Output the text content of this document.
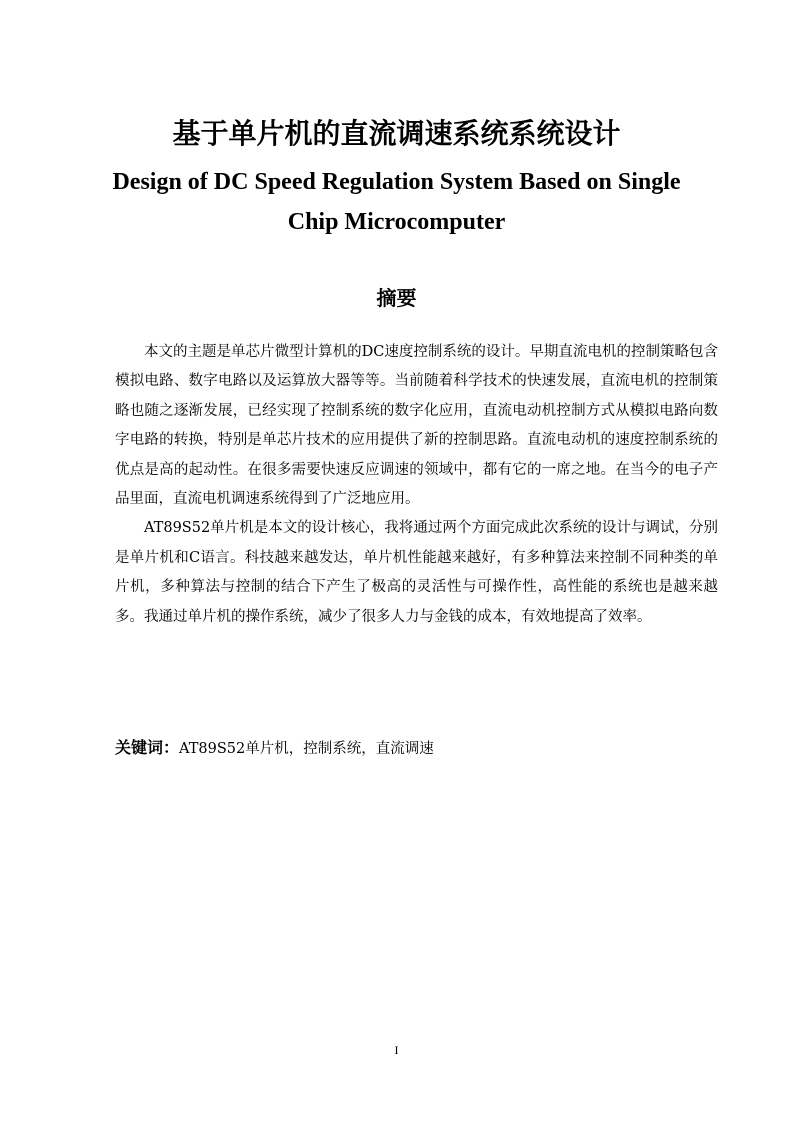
基于单片机的直流调速系统系统设计
Design of DC Speed Regulation System Based on Single Chip Microcomputer
摘要

本文的主题是单芯片微型计算机的DC速度控制系统的设计。早期直流电机的控制策略包含模拟电路、数字电路以及运算放大器等等。当前随着科学技术的快速发展，直流电机的控制策略也随之逐渐发展，已经实现了控制系统的数字化应用，直流电动机控制方式从模拟电路向数字电路的转换，特别是单芯片技术的应用提供了新的控制思路。直流电动机的速度控制系统的优点是高的起动性。在很多需要快速反应调速的领域中，都有它的一席之地。在当今的电子产品里面，直流电机调速系统得到了广泛地应用。

AT89S52单片机是本文的设计核心，我将通过两个方面完成此次系统的设计与调试，分别是单片机和C语言。科技越来越发达，单片机性能越来越好，有多种算法来控制不同种类的单片机，多种算法与控制的结合下产生了极高的灵活性与可操作性，高性能的系统也是越来越多。我通过单片机的操作系统，减少了很多人力与金钱的成本，有效地提高了效率。

关键词：AT89S52单片机，控制系统，直流调速

I
